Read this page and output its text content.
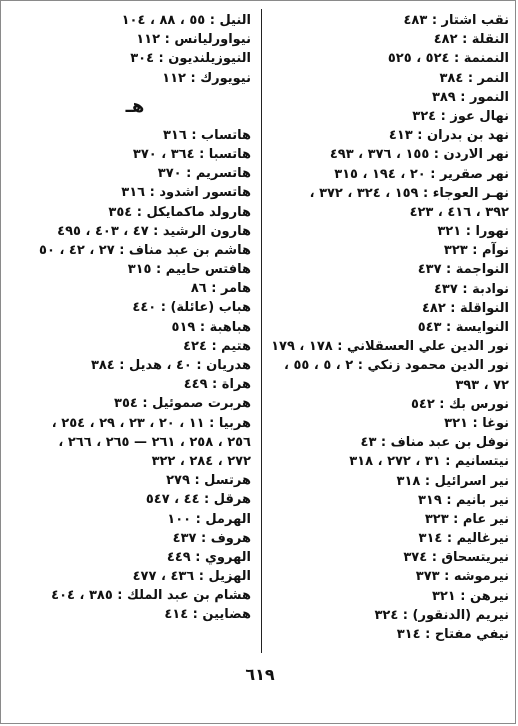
نقب اشتار : ٤٨٣
النقلة : ٤٨٢
النمنمة : ٥٢٤ ، ٥٢٥
النمر : ٣٨٤
النمور : ٣٨٩
نهال عوز : ٣٢٤
نهد بن بدران : ٤١٣
نهر الاردن : ١٥٥ ، ٣٧٦ ، ٤٩٣
نهر صقرير : ٢٠ ، ١٩٤ ، ٣١٥
نهـر العوجاء : ١٥٩ ، ٣٢٤ ، ٣٧٢ ،
٣٩٢ ، ٤١٦ ، ٤٢٣
نهورا : ٣٢١
نوآم : ٣٢٣
النواجمة : ٤٣٧
نوادبة : ٤٣٧
النواقلة : ٤٨٢
النوايسة : ٥٤٣
نور الدين علي العسقلاني : ١٧٨ ، ١٧٩
نور الدين محمود زنكي : ٢ ، ٥ ، ٥٥ ،
٧٢ ، ٣٩٣
نورس بك : ٥٤٢
نوغا : ٣٢١
نوفل بن عبد مناف : ٤٣
نيتسانيم : ٣١ ، ٢٧٢ ، ٣١٨
نير اسرائيل : ٣١٨
نير بانيم : ٣١٩
نير عام : ٣٢٣
نيرغاليم : ٣١٤
نيريتسحاق : ٣٧٤
نيرموشه : ٣٧٣
نيرهن : ٣٢١
نيريم (الدنقور) : ٣٢٤
نيفي مفتاح : ٣١٤
النيل : ٥٥ ، ٨٨ ، ١٠٤
نيواورليانس : ١١٢
النيوزيلنديون : ٣٠٤
نيويورك : ١١٢
هـ
هاتساب : ٣١٦
هاتسبا : ٣٦٤ ، ٣٧٠
هاتسريم : ٣٧٠
هاتسور اشدود : ٣١٦
هارولد ماكمايكل : ٣٥٤
هارون الرشيد : ٤٧ ، ٤٠٣ ، ٤٩٥
هاشم بن عبد مناف : ٢٧ ، ٤٢ ، ٥٠
هافتس حاييم : ٣١٥
هامر : ٨٦
هباب (عائلة) : ٤٤٠
هباهبة : ٥١٩
هتيم : ٤٢٤
هدريان : ٤٠ ، هديل : ٣٨٤
هراة : ٤٤٩
هربرت صموئيل : ٣٥٤
هربيا : ١١ ، ٢٠ ، ٢٣ ، ٢٩ ، ٢٥٤ ،
٢٥٦ ، ٢٥٨ ، ٢٦١ — ٢٦٥ ، ٢٦٦ ،
٢٧٢ ، ٢٨٤ ، ٣٢٢
هرتسل : ٢٧٩
هرقل : ٤٤ ، ٥٤٧
الهرمل : ١٠٠
هروف : ٤٣٧
الهروي : ٤٤٩
الهزيل : ٤٣٦ ، ٤٧٧
هشام بن عبد الملك : ٣٨٥ ، ٤٠٤
هضايين : ٤١٤
٦١٩
